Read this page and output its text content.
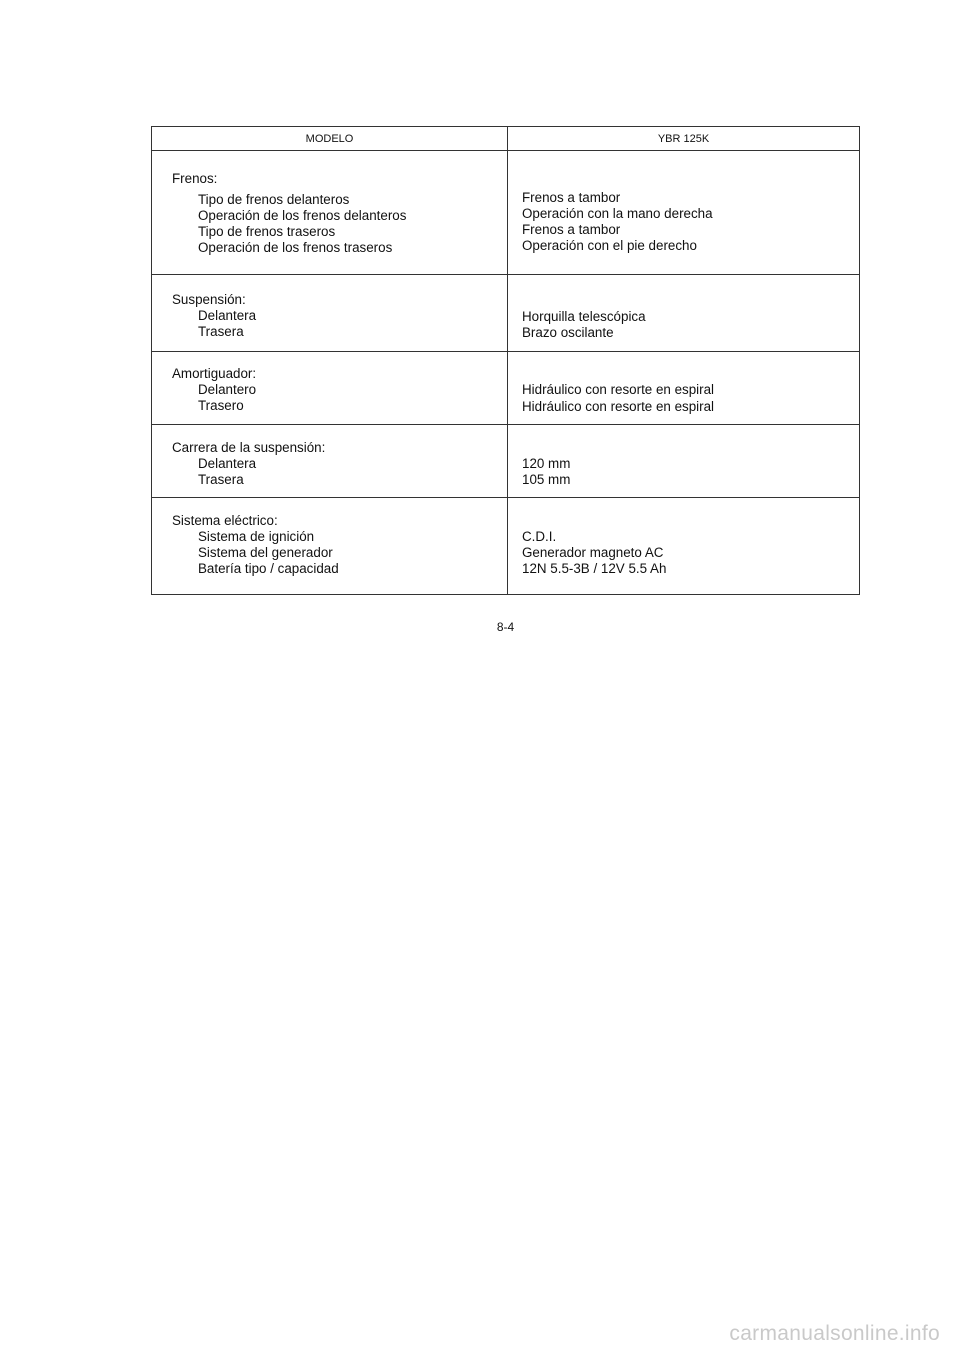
MODELO	YBR 125K
Frenos:
Tipo de frenos delanteros
Operación de los frenos delanteros
Tipo de frenos traseros
Operación de los frenos traseros
Frenos a tambor
Operación con la mano derecha
Frenos a tambor
Operación con el pie derecho
Suspensión:
Delantera
Trasera
Horquilla telescópica
Brazo oscilante
Amortiguador:
Delantero
Trasero
Hidráulico con resorte en espiral
Hidráulico con resorte en espiral
Carrera de la suspensión:
Delantera
Trasera
120 mm
105 mm
Sistema eléctrico:
Sistema de ignición
Sistema del generador
Batería tipo / capacidad
C.D.I.
Generador magneto AC
12N 5.5-3B / 12V 5.5 Ah
8-4
carmanualsonline.info
